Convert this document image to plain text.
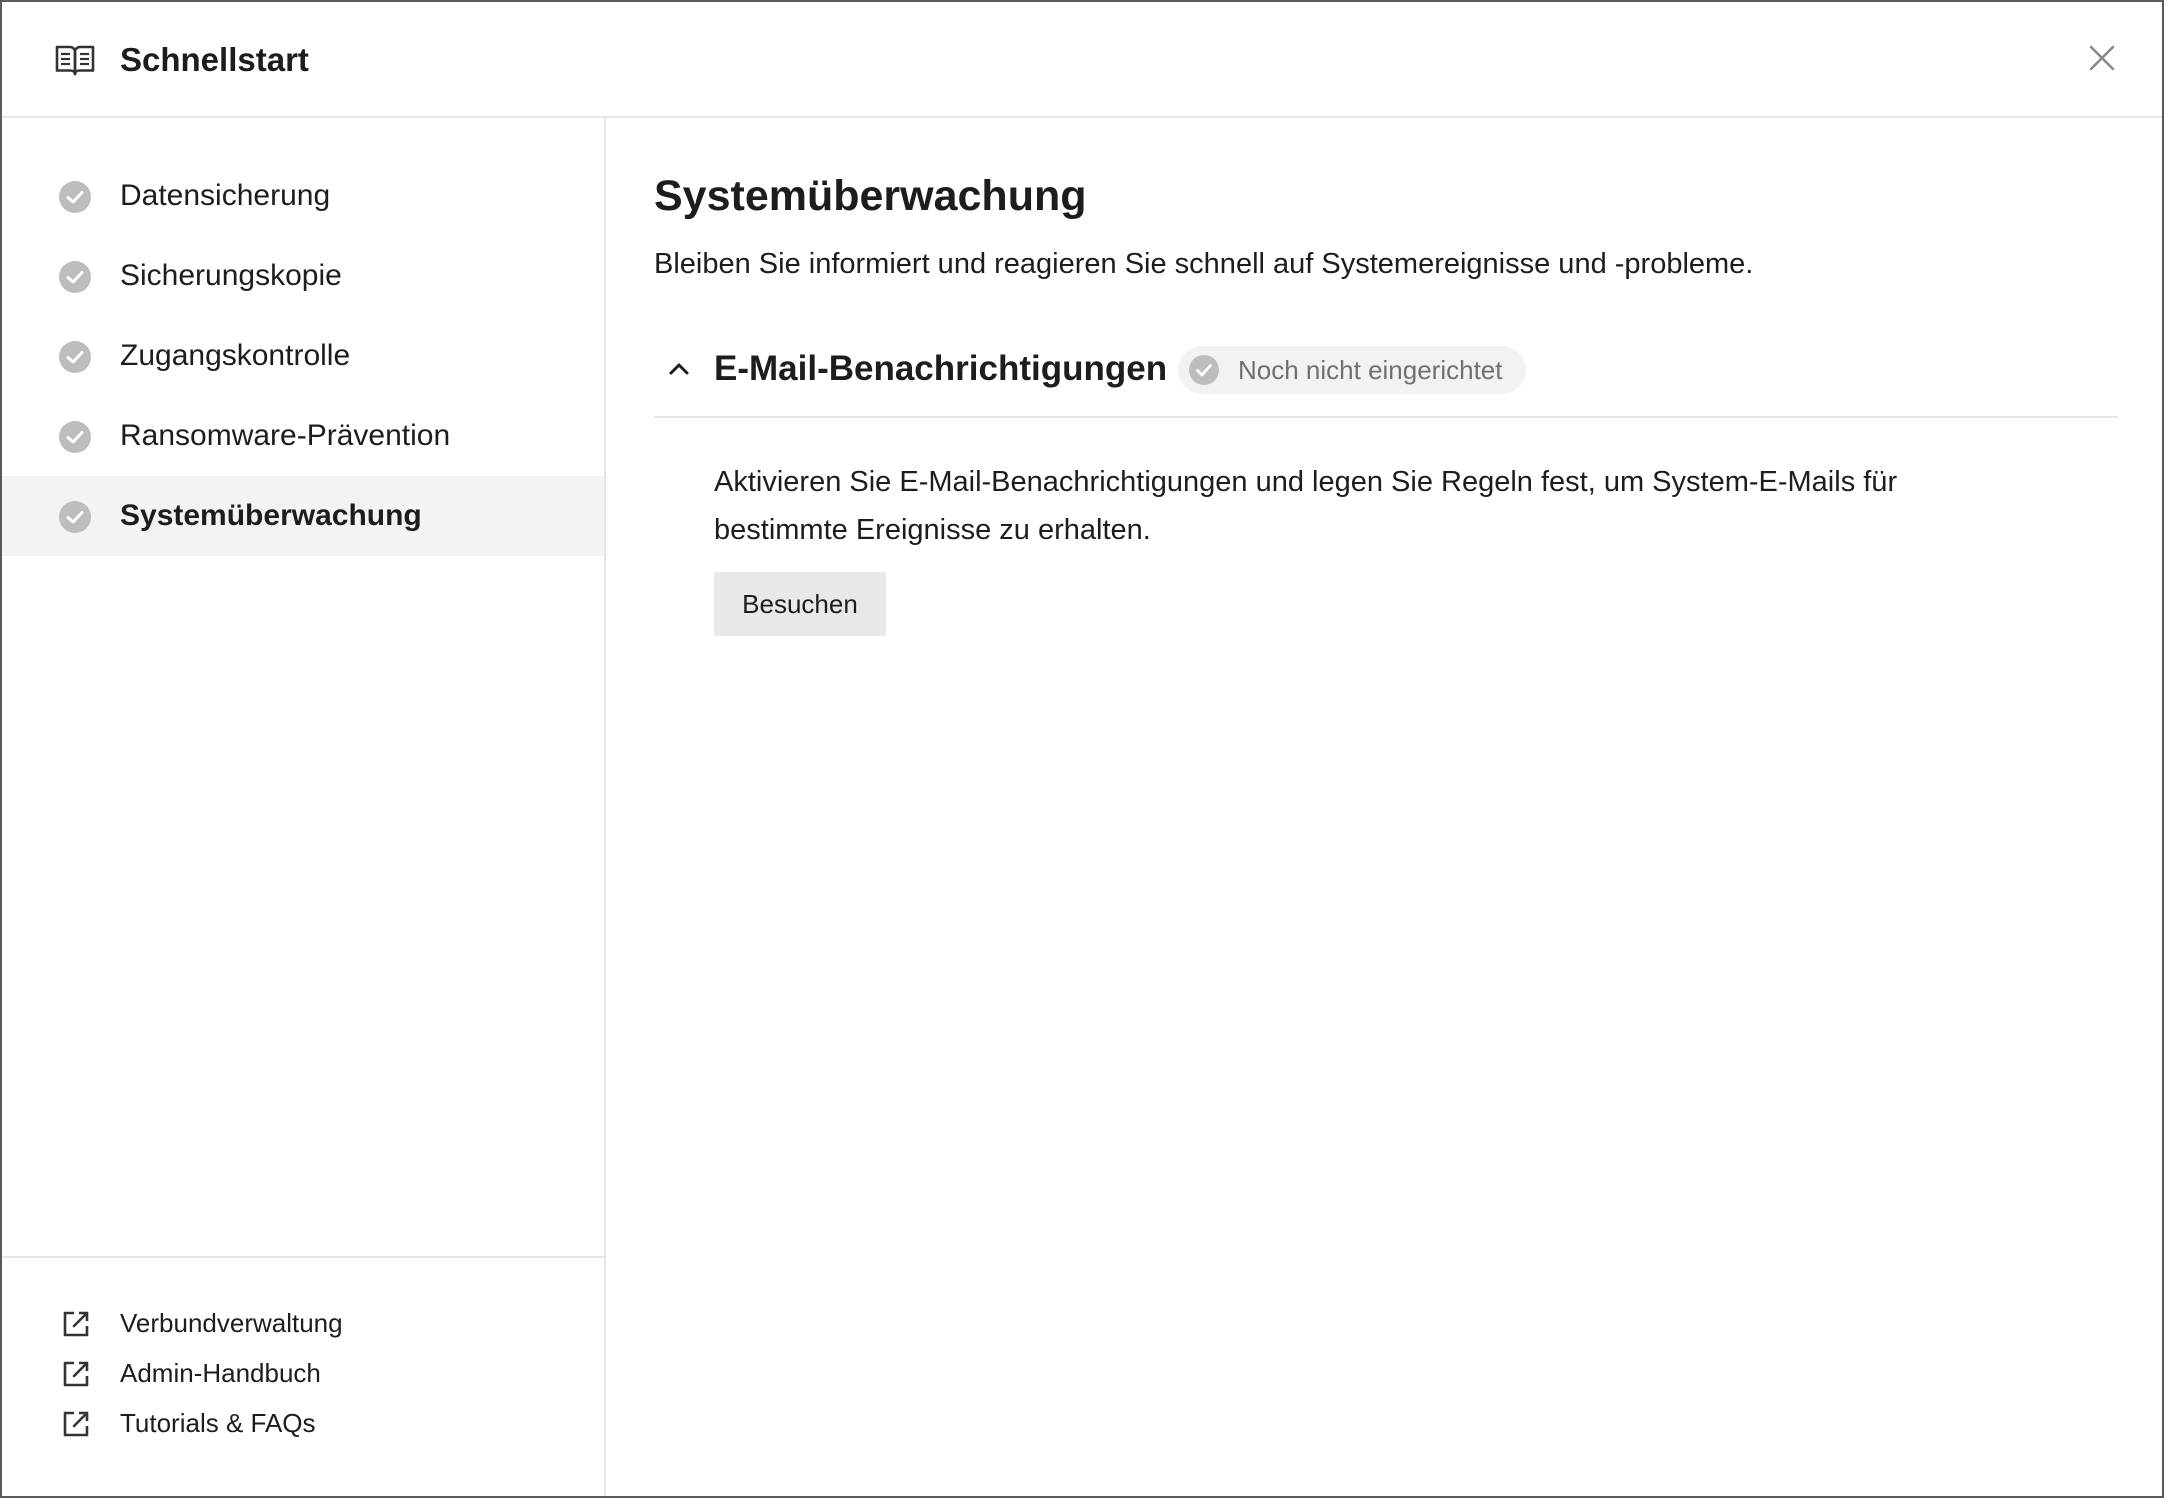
Schnellstart
Datensicherung
Sicherungskopie
Zugangskontrolle
Ransomware-Prävention
Systemüberwachung
Verbundverwaltung
Admin-Handbuch
Tutorials & FAQs
Systemüberwachung

Bleiben Sie informiert und reagieren Sie schnell auf Systemereignisse und -probleme.

E-Mail-Benachrichtigungen	Noch nicht eingerichtet

Aktivieren Sie E-Mail-Benachrichtigungen und legen Sie Regeln fest, um System-E-Mails für bestimmte Ereignisse zu erhalten.

Besuchen
